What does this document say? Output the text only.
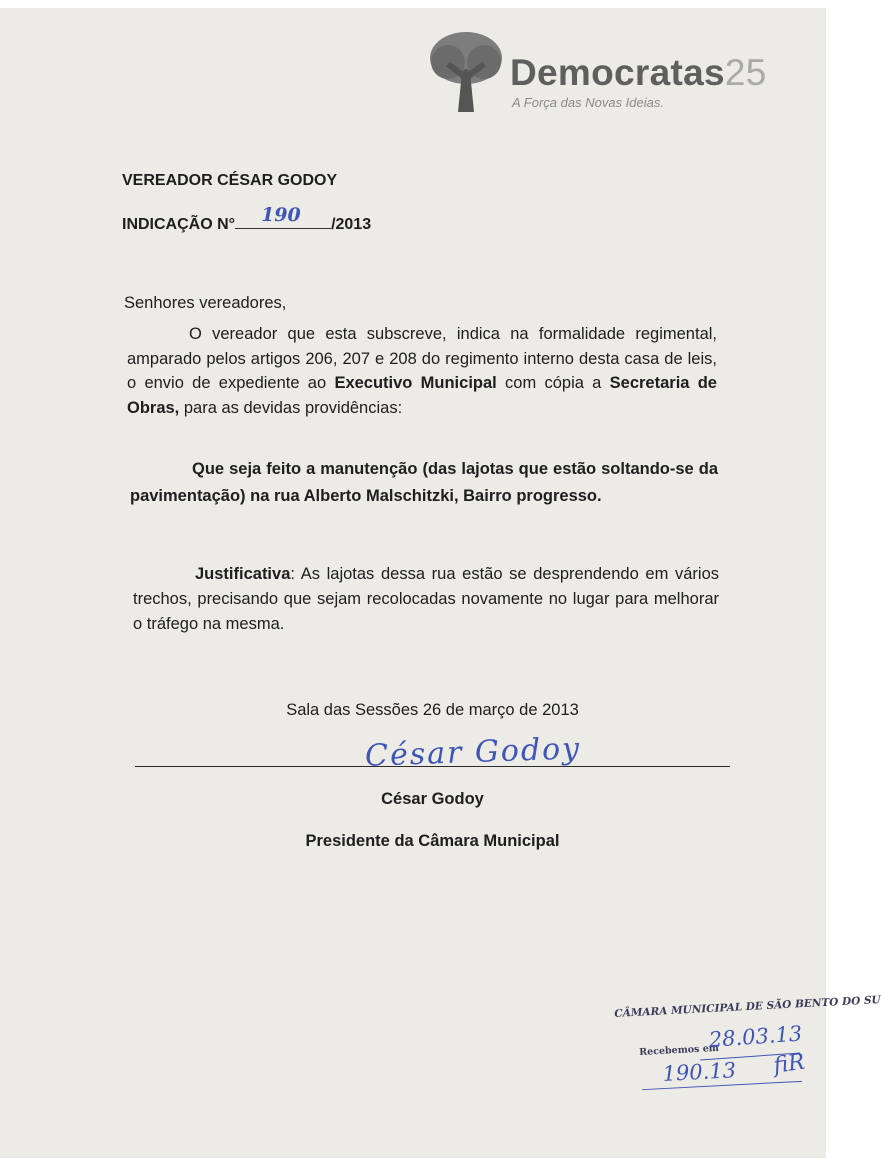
Democratas25
A Força das Novas Ideias.
VEREADOR CÉSAR GODOY
INDICAÇÃO N° 190 /2013
Senhores vereadores,
O vereador que esta subscreve, indica na formalidade regimental, amparado pelos artigos 206, 207 e 208 do regimento interno desta casa de leis, o envio de expediente ao Executivo Municipal com cópia a Secretaria de Obras, para as devidas providências:
Que seja feito a manutenção (das lajotas que estão soltando-se da pavimentação) na rua Alberto Malschitzki, Bairro progresso.
Justificativa: As lajotas dessa rua estão se desprendendo em vários trechos, precisando que sejam recolocadas novamente no lugar para melhorar o tráfego na mesma.
Sala das Sessões 26 de março de 2013
César Godoy
César Godoy
Presidente da Câmara Municipal
CÂMARA MUNICIPAL DE SÃO BENTO DO SU
Recebemos em
28.03.13
190.13 fiR
